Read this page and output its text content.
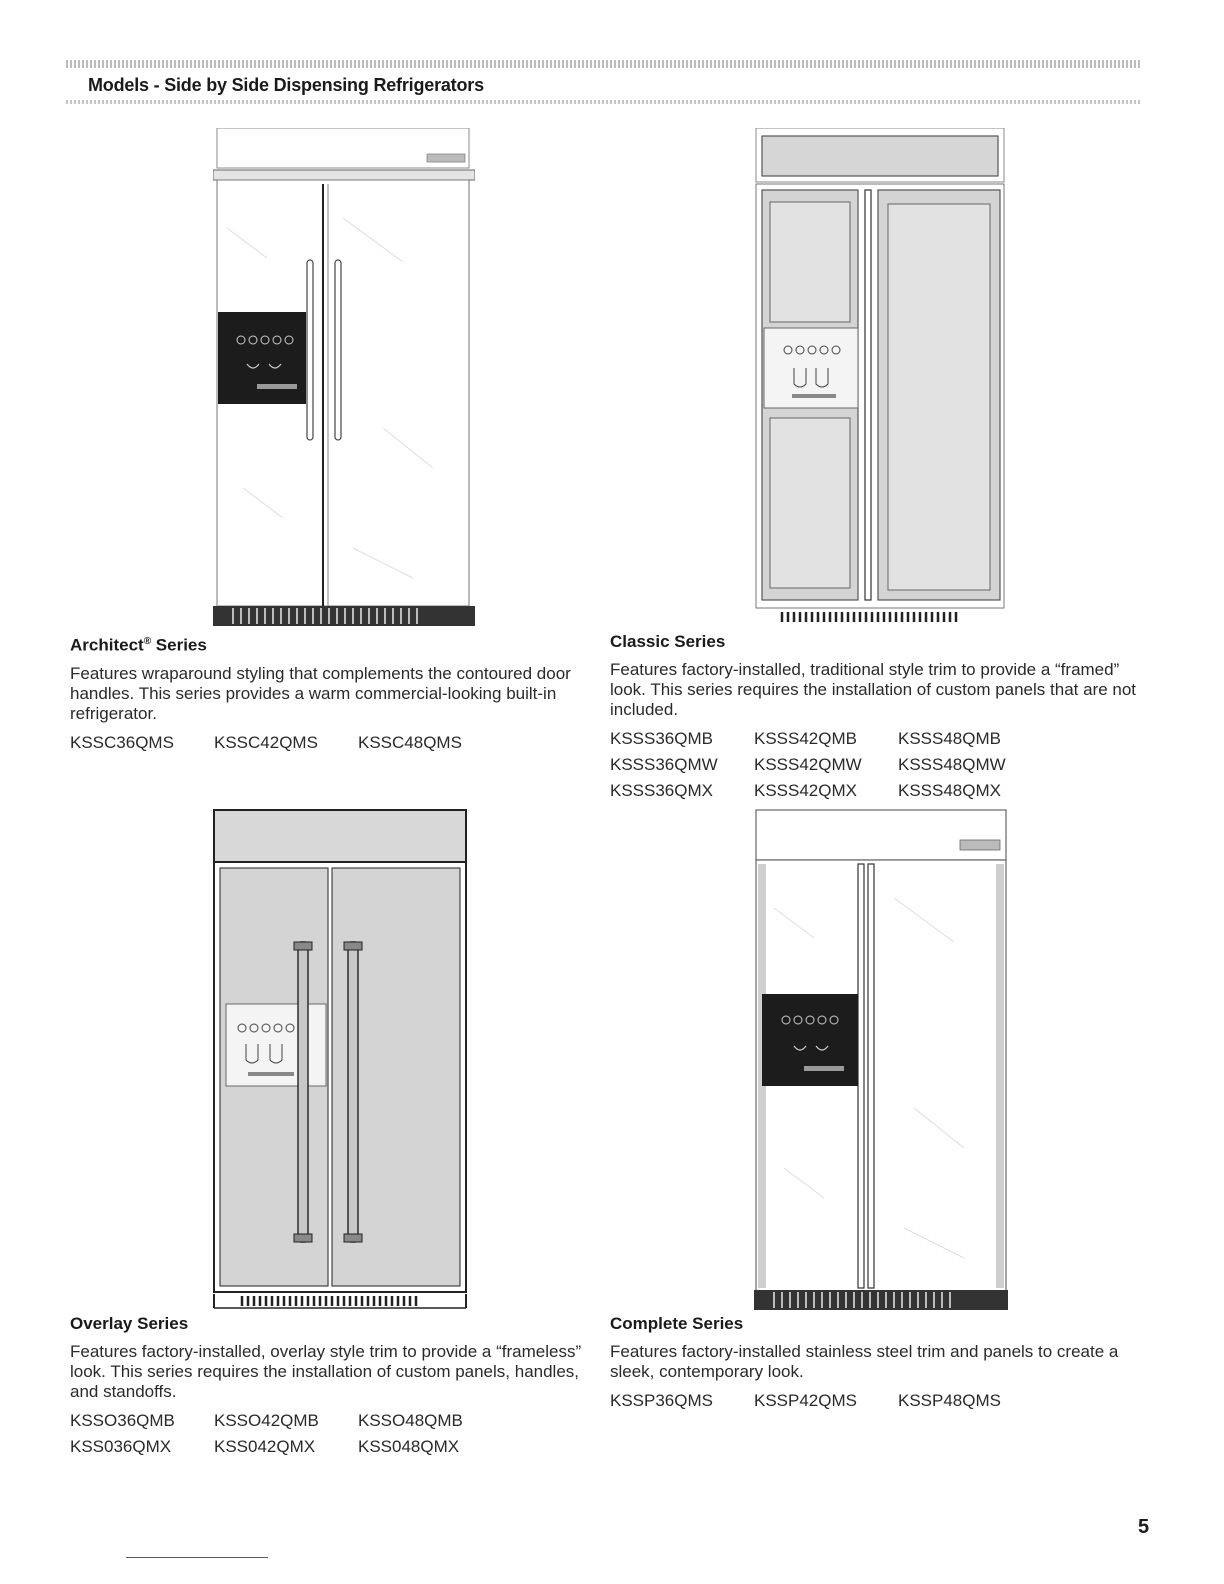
Models - Side by Side Dispensing Refrigerators
Architect® Series

Features wraparound styling that complements the contoured door handles. This series provides a warm commercial-looking built-in refrigerator.

KSSC36QMS	KSSC42QMS	KSSC48QMS
Classic Series

Features factory-installed, traditional style trim to provide a “framed” look. This series requires the installation of custom panels that are not included.

KSSS36QMB	KSSS42QMB	KSSS48QMB
KSSS36QMW	KSSS42QMW	KSSS48QMW
KSSS36QMX	KSSS42QMX	KSSS48QMX
Overlay Series

Features factory-installed, overlay style trim to provide a “frameless” look. This series requires the installation of custom panels, handles, and standoffs.

KSSO36QMB	KSSO42QMB	KSSO48QMB
KSS036QMX	KSS042QMX	KSS048QMX
Complete Series

Features factory-installed stainless steel trim and panels to create a sleek, contemporary look.

KSSP36QMS	KSSP42QMS	KSSP48QMS
5
